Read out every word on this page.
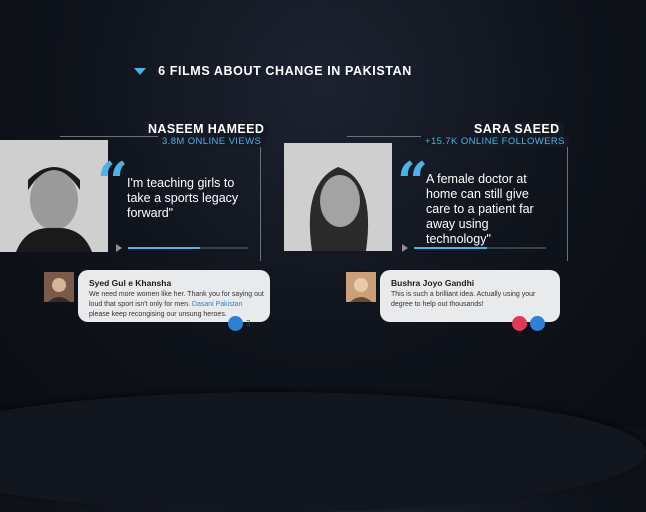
6 FILMS ABOUT CHANGE IN PAKISTAN
NASEEM HAMEED
3.8M ONLINE VIEWS
“
I'm teaching girls to take a sports legacy forward"
Syed Gul e Khansha
We need more women like her. Thank you for saying out loud that sport isn't only for men. Dasani Pakistan please keep recongising our unsung heroes.
3
SARA SAEED
+15.7K ONLINE FOLLOWERS
“
A female doctor at home can still give care to a patient far away using technology"
Bushra Joyo Gandhi
This is such a brilliant idea. Actually using your degree to help out thousands!
